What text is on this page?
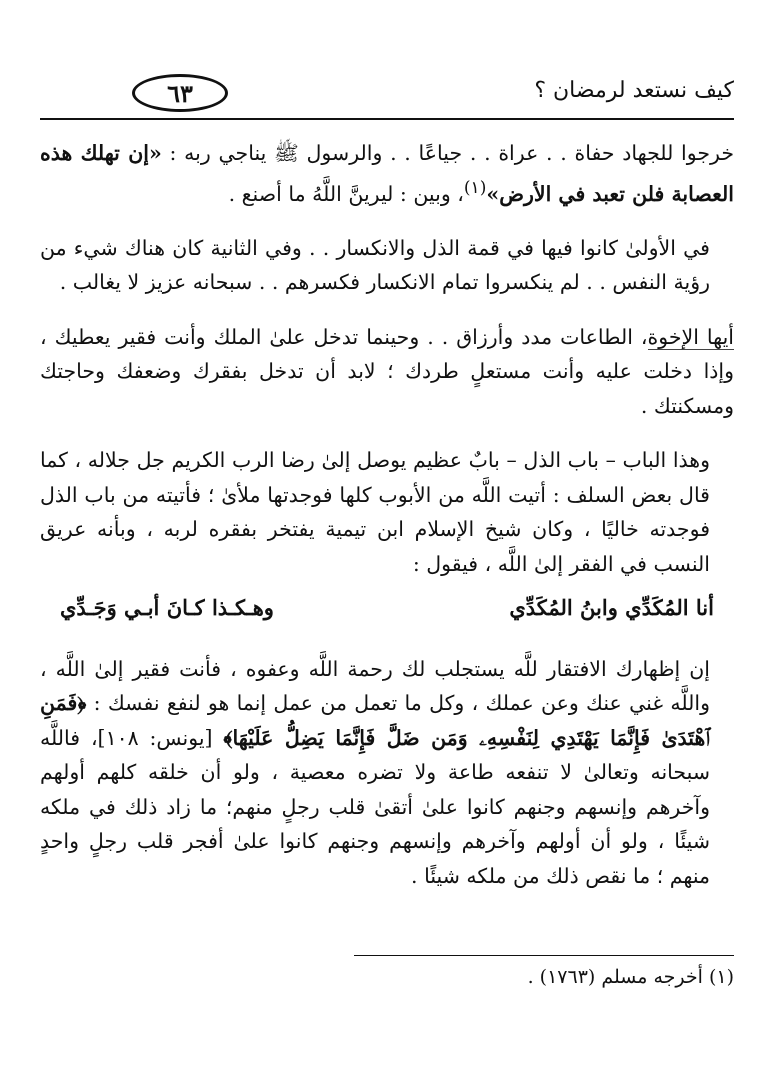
٦٣	كيف نستعد لرمضان ؟

خرجوا للجهاد حفاة . . عراة . . جياعًا . . والرسول ﷺ يناجي ربه : «إن تهلك هذه العصابة فلن تعبد في الأرض»$^{(١)}$، وبين : ليرينَّ اللَّهُ ما أصنع .

في الأولىٰ كانوا فيها في قمة الذل والانكسار . . وفي الثانية كان هناك شيء من رؤية النفس . . لم ينكسروا تمام الانكسار فكسرهم . . سبحانه عزيز لا يغالب .

أيها الإخوة، الطاعات مدد وأرزاق . . وحينما تدخل علىٰ الملك وأنت فقير يعطيك ، وإذا دخلت عليه وأنت مستعلٍ طردك ؛ لابد أن تدخل بفقرك وضعفك وحاجتك ومسكنتك .

وهذا الباب – باب الذل – بابٌ عظيم يوصل إلىٰ رضا الرب الكريم جل جلاله ، كما قال بعض السلف : أتيت اللَّه من الأبوب كلها فوجدتها ملأىٰ ؛ فأتيته من باب الذل فوجدته خاليًا ، وكان شيخ الإسلام ابن تيمية يفتخر بفقره لربه ، وبأنه عريق النسب في الفقر إلىٰ اللَّه ، فيقول :

أنا المُكَدِّي وابنُ المُكَدِّي
وهـكـذا كـانَ أبـي وَجَـدِّي

إن إظهارك الافتقار للَّه يستجلب لك رحمة اللَّه وعفوه ، فأنت فقير إلىٰ اللَّه ، واللَّه غني عنك وعن عملك ، وكل ما تعمل من عمل إنما هو لنفع نفسك : ﴿فَمَنِ ٱهْتَدَىٰ فَإِنَّمَا يَهْتَدِي لِنَفْسِهِۦ وَمَن ضَلَّ فَإِنَّمَا يَضِلُّ عَلَيْهَا﴾ [يونس: ١٠٨]، فاللَّه سبحانه وتعالىٰ لا تنفعه طاعة ولا تضره معصية ، ولو أن خلقه كلهم أولهم وآخرهم وإنسهم وجنهم كانوا علىٰ أتقىٰ قلب رجلٍ منهم؛ ما زاد ذلك في ملكه شيئًا ، ولو أن أولهم وآخرهم وإنسهم وجنهم كانوا علىٰ أفجر قلب رجلٍ واحدٍ منهم ؛ ما نقص ذلك من ملكه شيئًا .

(١) أخرجه مسلم (١٧٦٣) .
